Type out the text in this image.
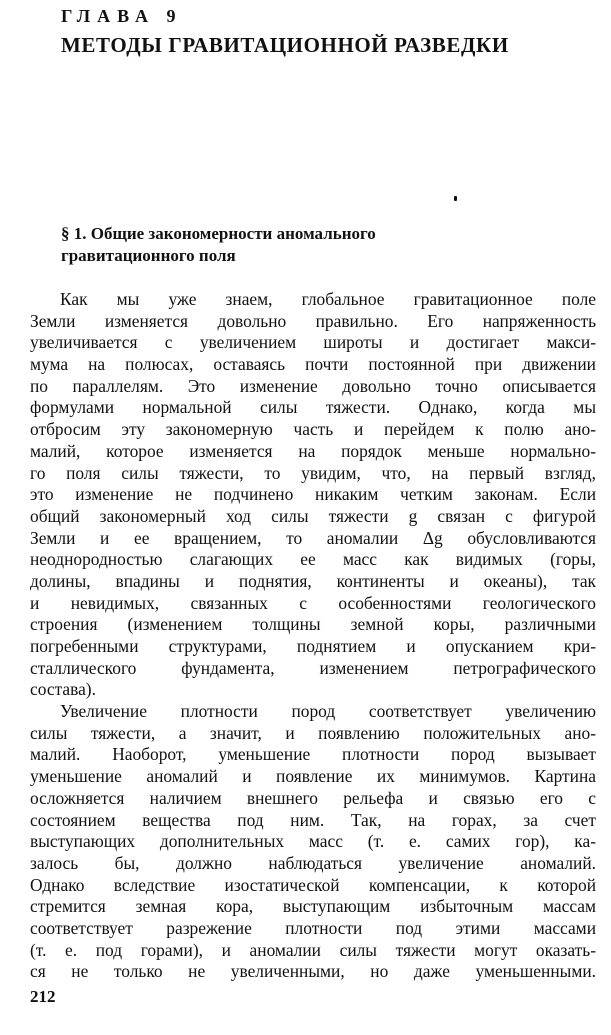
ГЛАВА 9
МЕТОДЫ ГРАВИТАЦИОННОЙ РАЗВЕДКИ
§ 1. Общие закономерности аномального
гравитационного поля
Как мы уже знаем, глобальное гравитационное поле
Земли изменяется довольно правильно. Его напряженность
увеличивается с увеличением широты и достигает макси-
мума на полюсах, оставаясь почти постоянной при движении
по параллелям. Это изменение довольно точно описывается
формулами нормальной силы тяжести. Однако, когда мы
отбросим эту закономерную часть и перейдем к полю ано-
малий, которое изменяется на порядок меньше нормально-
го поля силы тяжести, то увидим, что, на первый взгляд,
это изменение не подчинено никаким четким законам. Если
общий закономерный ход силы тяжести g связан с фигурой
Земли и ее вращением, то аномалии Δg обусловливаются
неоднородностью слагающих ее масс как видимых (горы,
долины, впадины и поднятия, континенты и океаны), так
и невидимых, связанных с особенностями геологического
строения (изменением толщины земной коры, различными
погребенными структурами, поднятием и опусканием кри-
сталлического фундамента, изменением петрографического
состава).
Увеличение плотности пород соответствует увеличению
силы тяжести, а значит, и появлению положительных ано-
малий. Наоборот, уменьшение плотности пород вызывает
уменьшение аномалий и появление их минимумов. Картина
осложняется наличием внешнего рельефа и связью его с
состоянием вещества под ним. Так, на горах, за счет
выступающих дополнительных масс (т. е. самих гор), ка-
залось бы, должно наблюдаться увеличение аномалий.
Однако вследствие изостатической компенсации, к которой
стремится земная кора, выступающим избыточным массам
соответствует разрежение плотности под этими массами
(т. е. под горами), и аномалии силы тяжести могут оказать-
ся не только не увеличенными, но даже уменьшенными.
212
